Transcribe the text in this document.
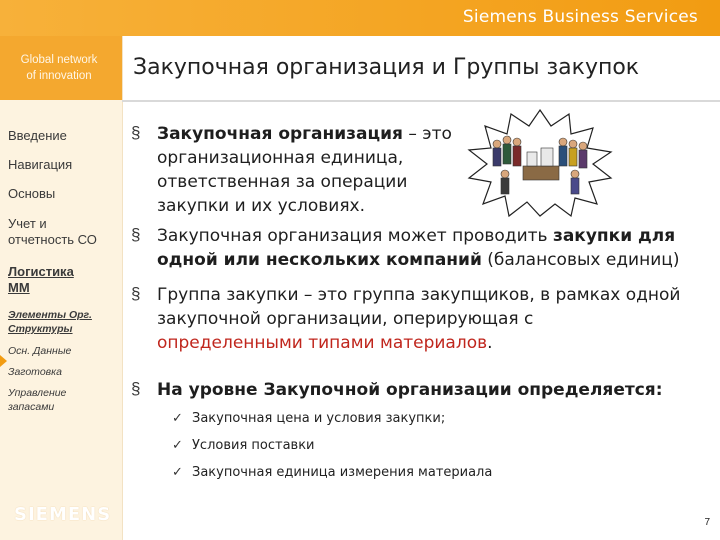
Siemens Business Services
Global network
of innovation
Введение
Навигация
Основы
Учет и
отчетность СО
Логистика
ММ
Элементы Орг.
Структуры
Осн. Данные
Заготовка
Управление
запасами
SIEMENS
Закупочная организация и Группы закупок
§ Закупочная организация – это
организационная единица,
ответственная за операции
закупки и их условиях.
§ Закупочная организация может проводить закупки для
одной или нескольких компаний (балансовых единиц)
§ Группа закупки – это группа закупщиков, в рамках одной
закупочной организации, оперирующая с
определенными типами материалов.
§ На уровне Закупочной организации определяется:
✓ Закупочная цена и условия закупки;
✓ Условия поставки
✓ Закупочная единица измерения материала
7
